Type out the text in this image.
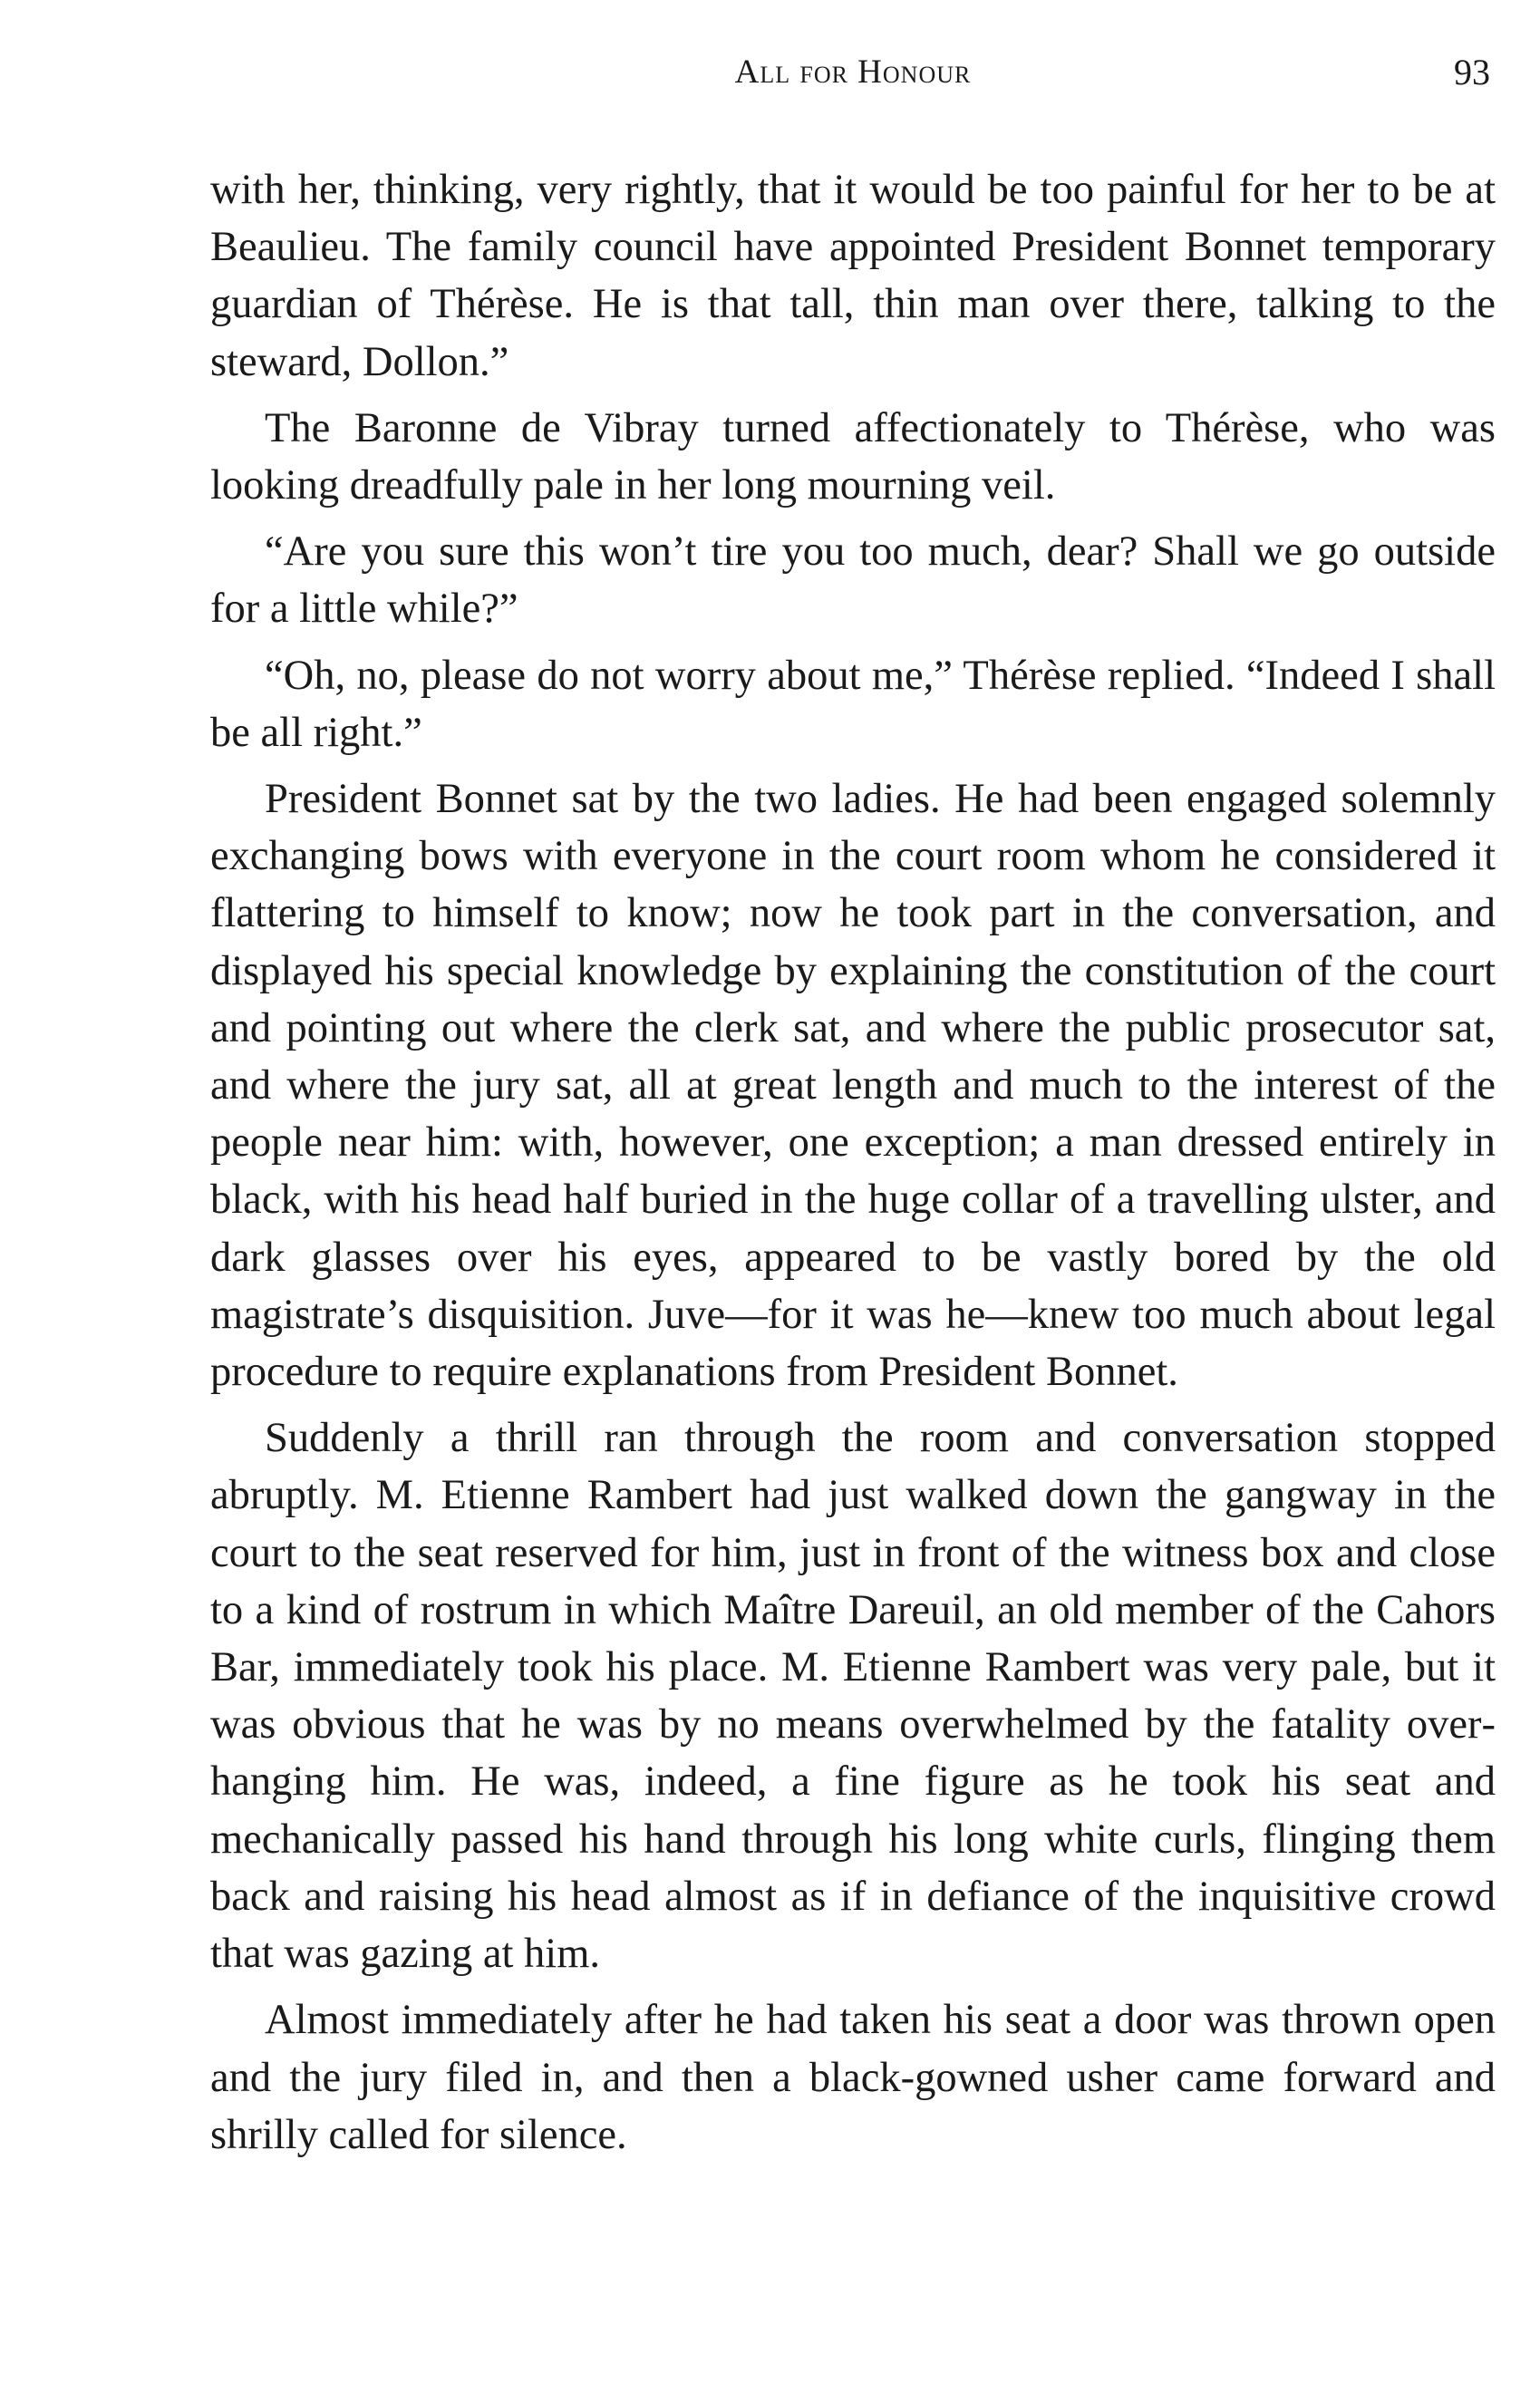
All for Honour	93

with her, thinking, very rightly, that it would be too painful for her to be at Beaulieu. The family council have appointed President Bonnet temporary guardian of Thérèse. He is that tall, thin man over there, talking to the steward, Dollon.”

The Baronne de Vibray turned affectionately to Thérèse, who was looking dreadfully pale in her long mourning veil.

“Are you sure this won’t tire you too much, dear? Shall we go outside for a little while?”

“Oh, no, please do not worry about me,” Thérèse replied. “Indeed I shall be all right.”

President Bonnet sat by the two ladies. He had been engaged solemnly exchanging bows with everyone in the court room whom he considered it flattering to himself to know; now he took part in the conversation, and displayed his special knowledge by explaining the constitution of the court and pointing out where the clerk sat, and where the public prosecutor sat, and where the jury sat, all at great length and much to the interest of the people near him: with, however, one exception; a man dressed entirely in black, with his head half buried in the huge collar of a travelling ulster, and dark glasses over his eyes, appeared to be vastly bored by the old magistrate’s disquisition. Juve—for it was he—knew too much about legal procedure to require explanations from President Bonnet.

Suddenly a thrill ran through the room and conversation stopped abruptly. M. Etienne Rambert had just walked down the gangway in the court to the seat reserved for him, just in front of the witness box and close to a kind of rostrum in which Maître Dareuil, an old member of the Cahors Bar, immediately took his place. M. Etienne Rambert was very pale, but it was obvious that he was by no means overwhelmed by the fatality overhanging him. He was, indeed, a fine figure as he took his seat and mechanically passed his hand through his long white curls, flinging them back and raising his head almost as if in defiance of the inquisitive crowd that was gazing at him.

Almost immediately after he had taken his seat a door was thrown open and the jury filed in, and then a black-gowned usher came forward and shrilly called for silence.
